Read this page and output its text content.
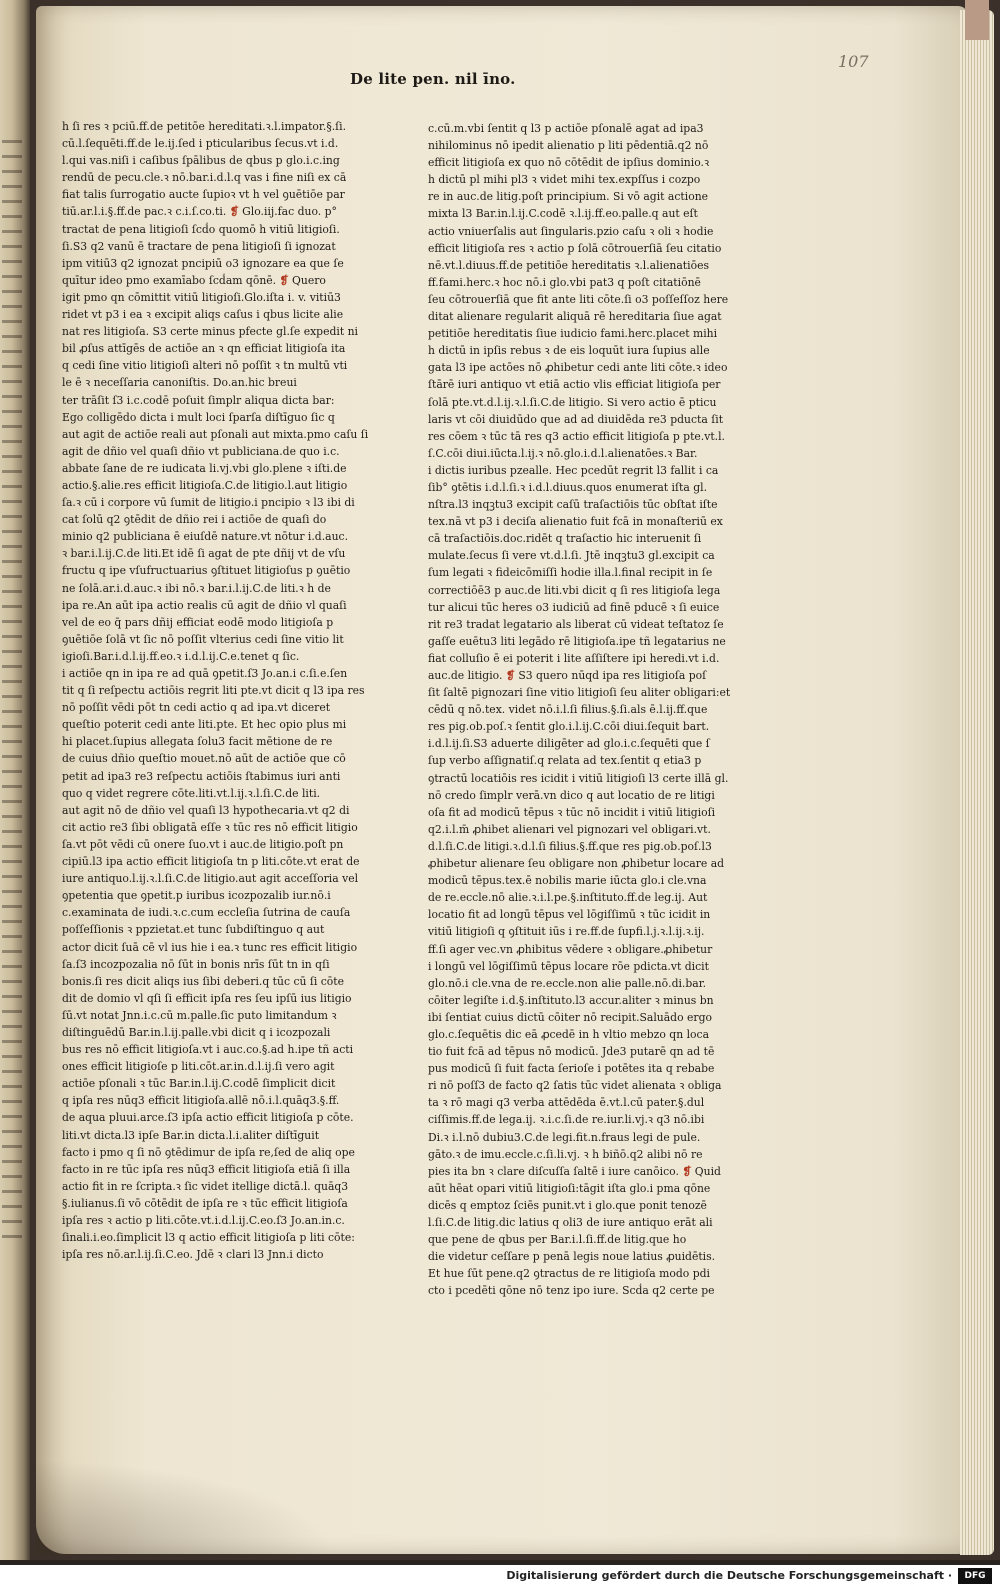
107
De lite pen. nil īno.
h ſi res ꝛ pciū.ff.de petitōe hereditati.ꝛ.l.impator.§.ſi.
cū.l.ſequēti.ff.de le.ij.ſed i pticularibus ſecus.vt i.d.
l.qui vas.niſi i caſibus ſpālibus de qbus p glo.i.c.ing
rendū de pecu.cle.ꝛ nō.bar.i.d.l.q vas i fine niſi ex cā
fiat talis ſurrogatio aucte ſupioꝛ vt h vel ꝯuētiōe par
tiū.ar.l.i.§.ff.de pac.ꝛ c.i.ſ.co.ti. ❡ Glo.iij.fac duo. p°
tractat de pena litigioſi ſcḋo quomō h vitiū litigioſi.
ſi.S3 q2 vanū ē tractare de pena litigioſi ſi ignozat
ipm vitiū3 q2 ignozat pncipiū o3 ignozare ea que ſe
quītur ideo pmo examīabo ſcḋam qōnē. ❡ Quero
igit pmo qn cōmittit vitiū litigioſi.Glo.iſta i. v. vitiū3
ridet vt p3 i ea ꝛ excipit aliqs caſus i qbus licite alie
nat res litigioſa. S3 certe minus pfecte gl.ſe expedit ni
bil ꝓſus attīgēs de actiōe an ꝛ qn efficiat litigioſa ita
q cedi ſine vitio litigioſi alteri nō poſſit ꝛ tn multū vti
le ē ꝛ neceſſaria canoniſtis. Do.an.hic breui
ter trāſit ſ3 i.c.codē poſuit ſimplr aliqua dicta bar:
Ego colligēdo dicta i mult loci ſparſa diſtīguo ſic q
aut agit de actiōe reali aut pſonali aut mixta.pmo caſu ſi
agit de dñio vel quaſi dñio vt publiciana.de quo i.c.
abbate ſane de re iudicata li.vj.vbi glo.plene ꝛ iſti.de
actio.§.alie.res efficit litigioſa.C.de litigio.l.aut litigio
ſa.ꝛ cū i corpore vū ſumit de litigio.i pncipio ꝛ l3 ibi di
cat ſolū q2 ꝯtēdit de dñio rei i actiōe de quaſi do
minio q2 publiciana ē eiuſdē nature.vt nōtur i.d.auc.
ꝛ bar.i.l.ij.C.de liti.Et idē ſi agat de pte dñij vt de vſu
fructu q ipe vſufructuarius ꝯſtituet litigioſus p ꝯuētio
ne ſolā.ar.i.d.auc.ꝛ ibi nō.ꝛ bar.i.l.ij.C.de liti.ꝛ h de
ipa re.An aūt ipa actio realis cū agit de dñio vl quaſi
vel de eo q̄ pars dñij efficiat eodē modo litigioſa p
ꝯuētiōe ſolā vt ſic nō poſſit vlterius cedi ſine vitio lit
igioſi.Bar.i.d.l.ij.ff.eo.ꝛ i.d.l.ij.C.e.tenet q ſic.
i actiōe qn in ipa re ad quā ꝯpetit.ſ3 Jo.an.i c.ſi.e.ſen
tit q ſi reſpectu actiōis regrit liti pte.vt dicit q l3 ipa res
nō poſſit vēdi pōt tn cedi actio q ad ipa.vt diceret
queſtio poterit cedi ante liti.pte. Et hec opio plus mi
hi placet.ſupius allegata ſolu3 facit mētione de re
de cuius dñio queſtio mouet.nō aūt de actiōe que cō
petit ad ipa3 re3 reſpectu actiōis ſtabimus iuri anti
quo q videt regrere cōte.liti.vt.l.ij.ꝛ.l.ſi.C.de liti.
aut agit nō de dñio vel quaſi l3 hypothecaria.vt q2 di
cit actio re3 ſibi obligatā eſſe ꝛ tūc res nō efficit litigio
ſa.vt pōt vēdi cū onere ſuo.vt i auc.de litigio.poſt pn
cipiū.l3 ipa actio efficit litigioſa tn p liti.cōte.vt erat de
iure antiquo.l.ij.ꝛ.l.ſi.C.de litigio.aut agit acceſſoria vel
ꝯpetentia que ꝯpetit.p iuribus icozpozalib iur.nō.i
c.examinata de iudi.ꝛ.c.cum eccleſia ſutrina de cauſa
poſſeſſionis ꝛ ppzietat.et tunc ſubdiſtinguo q aut
actor dicit ſuā cē vl ius hie i ea.ꝛ tunc res efficit litigio
ſa.ſ3 incozpozalia nō ſūt in bonis nrīs ſūt tn in qſi
bonis.ſi res dicit aliqs ius ſibi deberi.q tūc cū ſi cōte
dit de domio vl qſi ſi efficit ipſa res ſeu ipſū ius litigio
ſū.vt notat Jnn.i.c.cū m.palle.ſic puto limitandum ꝛ
diſtinguēdū Bar.in.l.ij.palle.vbi dicit q i icozpozali
bus res nō efficit litigioſa.vt i auc.co.§.ad h.ipe tñ acti
ones efficit litigioſe p liti.cōt.ar.in.d.l.ij.ſi vero agit
actiōe pſonali ꝛ tūc Bar.in.l.ij.C.codē ſimplicit dicit
q ipſa res nūq3 efficit litigioſa.allē nō.i.l.quāq3.§.ff.
de aqua pluui.arce.ſ3 ipſa actio efficit litigioſa p cōte.
liti.vt dicta.l3 ipſe Bar.in dicta.l.i.aliter diſtīguit
facto i pmo q ſi nō ꝯtēdimur de ipſa re,ſed de aliq ope
facto in re tūc ipſa res nūq3 efficit litigioſa etiā ſi illa
actio fit in re ſcripta.ꝛ ſic videt itellige dictā.l. quāq3
§.iulianus.ſi vō cōtēdit de ipſa re ꝛ tūc efficit litigioſa
ipſa res ꝛ actio p liti.cōte.vt.i.d.l.ij.C.eo.ſ3 Jo.an.in.c.
ſinali.i.eo.ſimplicit l3 q actio efficit litigioſa p liti cōte:
ipſa res nō.ar.l.ij.ſi.C.eo. Jdē ꝛ clari l3 Jnn.i dicto
c.cū.m.vbi ſentit q l3 p actiōe pſonalē agat ad ipa3
nihilominus nō ipedit alienatio p liti pēdentiā.q2 nō
efficit litigioſa ex quo nō cōtēdit de ipſius dominio.ꝛ
h dictū pl mihi pl3 ꝛ videt mihi tex.expſſus i cozpo
re in auc.de litig.poſt principium. Si vō agit actione
mixta l3 Bar.in.l.ij.C.codē ꝛ.l.ij.ff.eo.palle.q aut eſt
actio vniuerſalis aut ſingularis.pzio caſu ꝛ oli ꝛ hodie
efficit litigioſa res ꝛ actio p ſolā cōtrouerſiā ſeu citatio
nē.vt.l.diuus.ff.de petitiōe hereditatis ꝛ.l.alienatiōes
ff.fami.herc.ꝛ hoc nō.i glo.vbi pat3 q poſt citatiōnē
ſeu cōtrouerſiā que fit ante liti cōte.ſi o3 poſſeſſoz here
ditat alienare regularit aliquā rē hereditaria ſiue agat
petitiōe hereditatis ſiue iudicio fami.herc.placet mihi
h dictū in ipſis rebus ꝛ de eis loquūt iura ſupius alle
gata l3 ipe actōes nō ꝓhibetur cedi ante liti cōte.ꝛ ideo
ſtārē iuri antiquo vt etiā actio vlis efficiat litigioſa per
ſolā pte.vt.d.l.ij.ꝛ.l.ſi.C.de litigio. Si vero actio ē pticu
laris vt cōi diuidūdo que ad ad diuidēda re3 pducta ſit
res cōem ꝛ tūc tā res q3 actio efficit litigioſa p pte.vt.l.
ſ.C.cōi diui.iūcta.l.ij.ꝛ nō.glo.i.d.l.alienatōes.ꝛ Bar.
i dictis iuribus pzealle. Hec pcedūt regrit l3 fallit i ca
ſib° ꝯtētis i.d.l.ſi.ꝛ i.d.l.diuus.quos enumerat iſta gl.
nſtra.l3 inqꝫtu3 excipit caſū traſactiōis tūc obſtat iſte
tex.nā vt p3 i deciſa alienatio fuit fcā in monaſteriū ex
cā traſactiōis.doc.ridēt q traſactio hic interuenit ſi
mulate.ſecus ſi vere vt.d.l.ſi. Jtē inqꝫtu3 gl.excipit ca
ſum legati ꝛ fideicōmiſſi hodie illa.l.final recipit in ſe
correctiōē3 p auc.de liti.vbi dicit q ſi res litigioſa lega
tur alicui tūc heres o3 iudiciū ad finē pducē ꝛ ſi euice
rit re3 tradat legatario als liberat cū videat teſtatoz ſe
gaſſe euētu3 liti legādo rē litigioſa.ipe tñ legatarius ne
fiat colluſio ē ei poterit i lite aſſiſtere ipi heredi.vt i.d.
auc.de litigio. ❡ S3 quero nūqd ipa res litigioſa poſ
ſit ſaltē pignozari ſine vitio litigioſi ſeu aliter obligari:et
cēdū q nō.tex. videt nō.i.l.ſi filius.§.ſi.als ē.l.ij.ff.que
res pig.ob.poſ.ꝛ ſentit glo.i.l.ij.C.cōi diui.ſequit bart.
i.d.l.ij.ſi.S3 aduerte diligēter ad glo.i.c.ſequēti que ſ
ſup verbo aſſignatiſ.q relata ad tex.ſentit q etia3 p
ꝯtractū locatiōis res icidit i vitiū litigioſi l3 certe illā gl.
nō credo ſimplr verā.vn dico q aut locatio de re litigi
oſa fit ad modicū tēpus ꝛ tūc nō incidit i vitiū litigioſi
q2.i.l.m̄ ꝓhibet alienari vel pignozari vel obligari.vt.
d.l.ſi.C.de litigi.ꝛ.d.l.ſi filius.§.ff.que res pig.ob.poſ.l3
ꝓhibetur alienare ſeu obligare non ꝓhibetur locare ad
modicū tēpus.tex.ē nobilis marie iūcta glo.i cle.vna
de re.eccle.nō alie.ꝛ.i.l.pe.§.inſtituto.ff.de leg.ij. Aut
locatio fit ad longū tēpus vel lōgiſſimū ꝛ tūc icidit in
vitiū litigioſi q ꝯſtituit iūs i re.ff.de ſupfi.l.j.ꝛ.l.ij.ꝛ.ij.
ff.ſi ager vec.vn ꝓhibitus vēdere ꝛ obligare.ꝓhibetur
i longū vel lōgiſſimū tēpus locare rōe pdicta.vt dicit
glo.nō.i cle.vna de re.eccle.non alie palle.nō.di.bar.
cōiter legiſte i.d.§.inſtituto.l3 accur.aliter ꝛ minus bn
ibi ſentiat cuius dictū cōiter nō recipit.Saluādo ergo
glo.c.ſequētis dic eā ꝓcedē in h vltio mebzo qn loca
tio fuit fcā ad tēpus nō modicū. Jde3 putarē qn ad tē
pus modicū ſi fuit facta ſerioſe i potētes ita q rebabe
ri nō poſſ3 de facto q2 ſatis tūc videt alienata ꝛ obliga
ta ꝛ rō magi q3 verba attēdēda ē.vt.l.cū pater.§.dul
ciſſimis.ff.de lega.ij. ꝛ.i.c.ſi.de re.iur.li.vj.ꝛ q3 nō.ibi
Di.ꝛ i.l.nō dubiu3.C.de legi.fit.n.fraus legi de pule.
gāto.ꝛ de imu.eccle.c.ſi.li.vj. ꝛ h biñō.q2 alibi nō re
pies ita bn ꝛ clare diſcuſſa ſaltē i iure canōico. ❡ Quid
aūt hēat opari vitiū litigioſi:tāgit iſta glo.i pma qōne
dicēs q emptoz ſciēs punit.vt i glo.que ponit tenozē
l.ſi.C.de litig.dic latius q oli3 de iure antiquo erāt ali
que pene de qbus per Bar.i.l.ſi.ff.de litig.que ho
die videtur ceſſare p penā legis noue latius ꝓuidētis.
Et hue ſūt pene.q2 ꝯtractus de re litigioſa modo pdi
cto i pcedēti qōne nō tenz ipo iure. Scḋa q2 certe pe
Digitalisierung gefördert durch die Deutsche Forschungsgemeinschaft ·	DFG
